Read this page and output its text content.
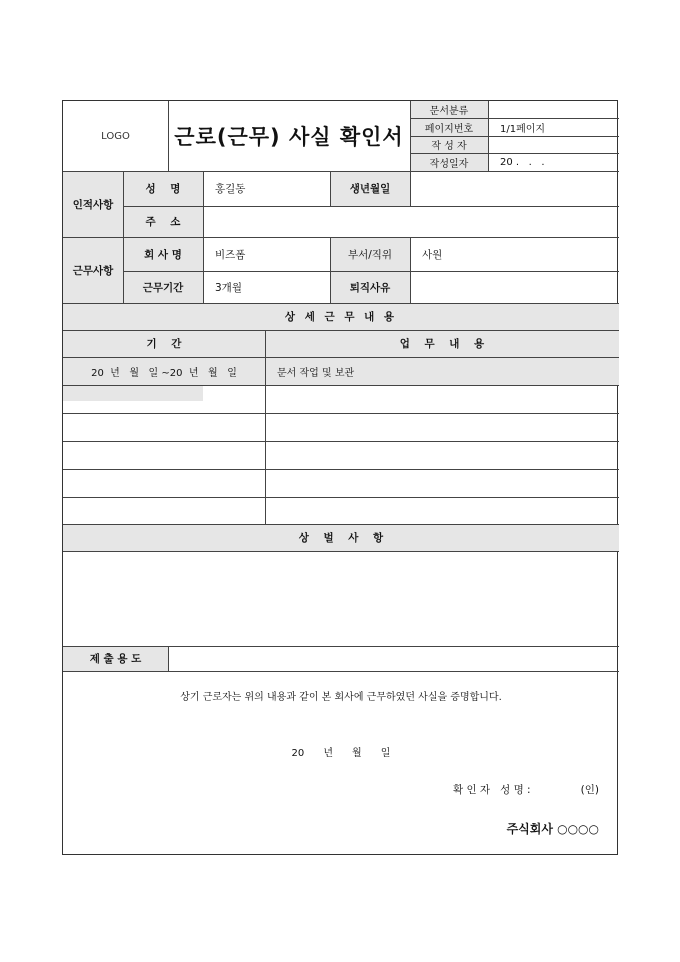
LOGO	근로(근무) 사실 확인서
문서분류
페이지번호	1/1페이지
작 성 자
작성일자	20 .   .   .
인적사항
성    명	홍길동	생년월일
주    소
근무사항
회 사 명	비즈폼	부서/직위	사원
근무기간	3개월	퇴직사유
상 세 근 무 내 용
기    간	업    무    내    용
20  년   월   일 ~20  년   월   일	문서 작업 및 보관
상    벌    사    항
제 출 용 도
상기 근로자는 위의 내용과 같이 본 회사에 근무하였던 사실을 증명합니다.
20      년      월      일
확 인 자   성 명 :               (인)
주식회사 ○○○○
